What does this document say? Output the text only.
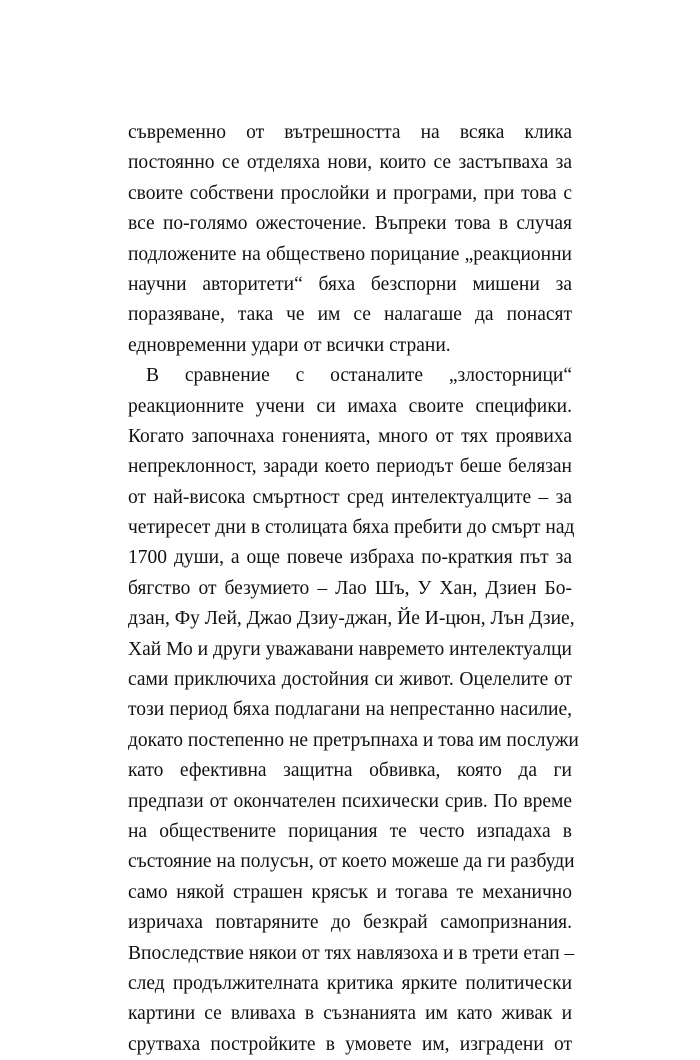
съвременно от вътрешността на всяка клика
постоянно се отделяха нови, които се застъпваха за
своите собствени прослойки и програми, при това с
все по-голямо ожесточение. Въпреки това в случая
подложените на обществено порицание „реакционни
научни авторитети“ бяха безспорни мишени за
поразяване, така че им се налагаше да понасят
едновременни удари от всички страни.
В сравнение с останалите „злосторници“
реакционните учени си имаха своите специфики.
Когато започнаха гоненията, много от тях проявиха
непреклонност, заради което периодът беше белязан
от най-висока смъртност сред интелектуалците – за
четиресет дни в столицата бяха пребити до смърт над
1700 души, а още повече избраха по-краткия път за
бягство от безумието – Лао Шъ, У Хан, Дзиен Бо-
дзан, Фу Лей, Джао Дзиу-джан, Йе И-цюн, Лън Дзие,
Хай Мо и други уважавани навремето интелектуалци
сами приключиха достойния си живот. Оцелелите от
този период бяха подлагани на непрестанно насилие,
докато постепенно не претръпнаха и това им послужи
като ефективна защитна обвивка, която да ги
предпази от окончателен психически срив. По време
на обществените порицания те често изпадаха в
състояние на полусън, от което можеше да ги разбуди
само някой страшен крясък и тогава те механично
изричаха повтаряните до безкрай самопризнания.
Впоследствие някои от тях навлязоха и в трети етап –
след продължителната критика ярките политически
картини се вливаха в съзнанията им като живак и
срутваха постройките в умовете им, изградени от
